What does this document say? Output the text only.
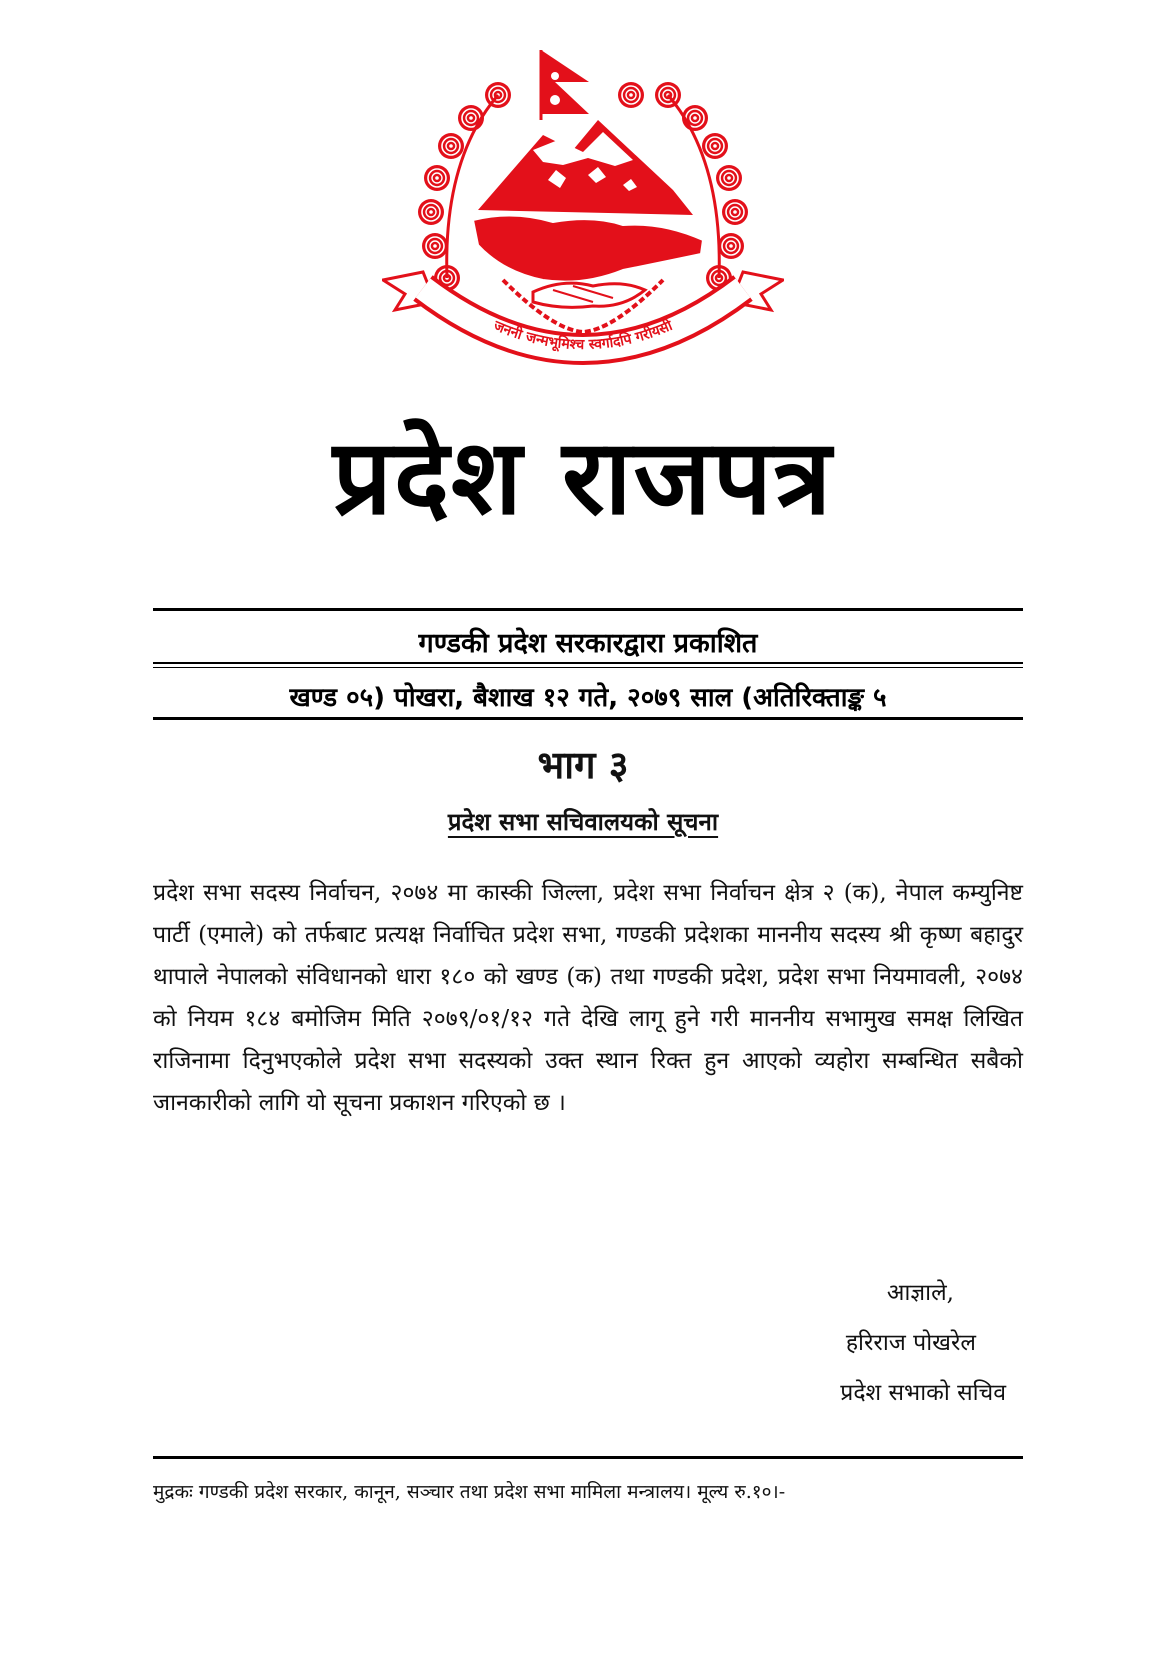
जननी जन्मभूमिश्च स्वर्गादपि गरीयसी
प्रदेश राजपत्र
गण्डकी प्रदेश सरकारद्वारा प्रकाशित
खण्ड ०५) पोखरा, बैशाख १२ गते, २०७९ साल (अतिरिक्ताङ्क ५
भाग ३
प्रदेश सभा सचिवालयको सूचना

प्रदेश सभा सदस्य निर्वाचन, २०७४ मा कास्की जिल्ला, प्रदेश सभा निर्वाचन क्षेत्र २ (क), नेपाल कम्युनिष्ट पार्टी (एमाले) को तर्फबाट प्रत्यक्ष निर्वाचित प्रदेश सभा, गण्डकी प्रदेशका माननीय सदस्य श्री कृष्ण बहादुर थापाले नेपालको संविधानको धारा १८० को खण्ड (क) तथा गण्डकी प्रदेश, प्रदेश सभा नियमावली, २०७४ को नियम १८४ बमोजिम मिति २०७९/०१/१२ गते देखि लागू हुने गरी माननीय सभामुख समक्ष लिखित राजिनामा दिनुभएकोले प्रदेश सभा सदस्यको उक्त स्थान रिक्त हुन आएको व्यहोरा सम्बन्धित सबैको जानकारीको लागि यो सूचना प्रकाशन गरिएको छ ।

आज्ञाले,
हरिराज पोखरेल
प्रदेश सभाको सचिव
मुद्रकः गण्डकी प्रदेश सरकार, कानून, सञ्चार तथा प्रदेश सभा मामिला मन्त्रालय। मूल्य रु.१०।-
